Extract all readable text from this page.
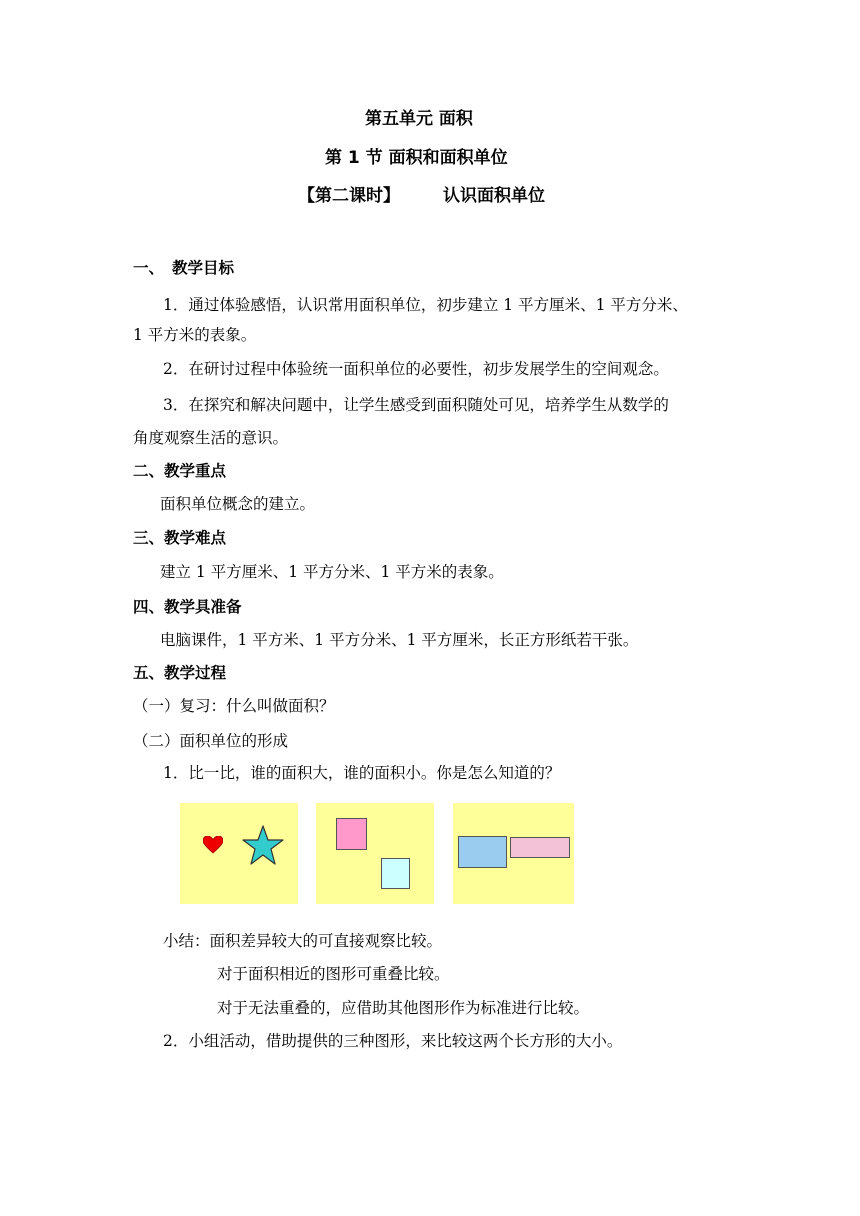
第五单元 面积
第 1 节 面积和面积单位
【第二课时】	认识面积单位
一、 教学目标
1．通过体验感悟，认识常用面积单位，初步建立 1 平方厘米、1 平方分米、
1 平方米的表象。
2．在研讨过程中体验统一面积单位的必要性，初步发展学生的空间观念。
3．在探究和解决问题中，让学生感受到面积随处可见，培养学生从数学的
角度观察生活的意识。
二、教学重点
面积单位概念的建立。
三、教学难点
建立 1 平方厘米、1 平方分米、1 平方米的表象。
四、教学具准备
电脑课件，1 平方米、1 平方分米、1 平方厘米，长正方形纸若干张。
五、教学过程
（一）复习：什么叫做面积？
（二）面积单位的形成
1．比一比，谁的面积大，谁的面积小。你是怎么知道的？
小结：面积差异较大的可直接观察比较。
对于面积相近的图形可重叠比较。
对于无法重叠的，应借助其他图形作为标准进行比较。
2．小组活动，借助提供的三种图形，来比较这两个长方形的大小。
